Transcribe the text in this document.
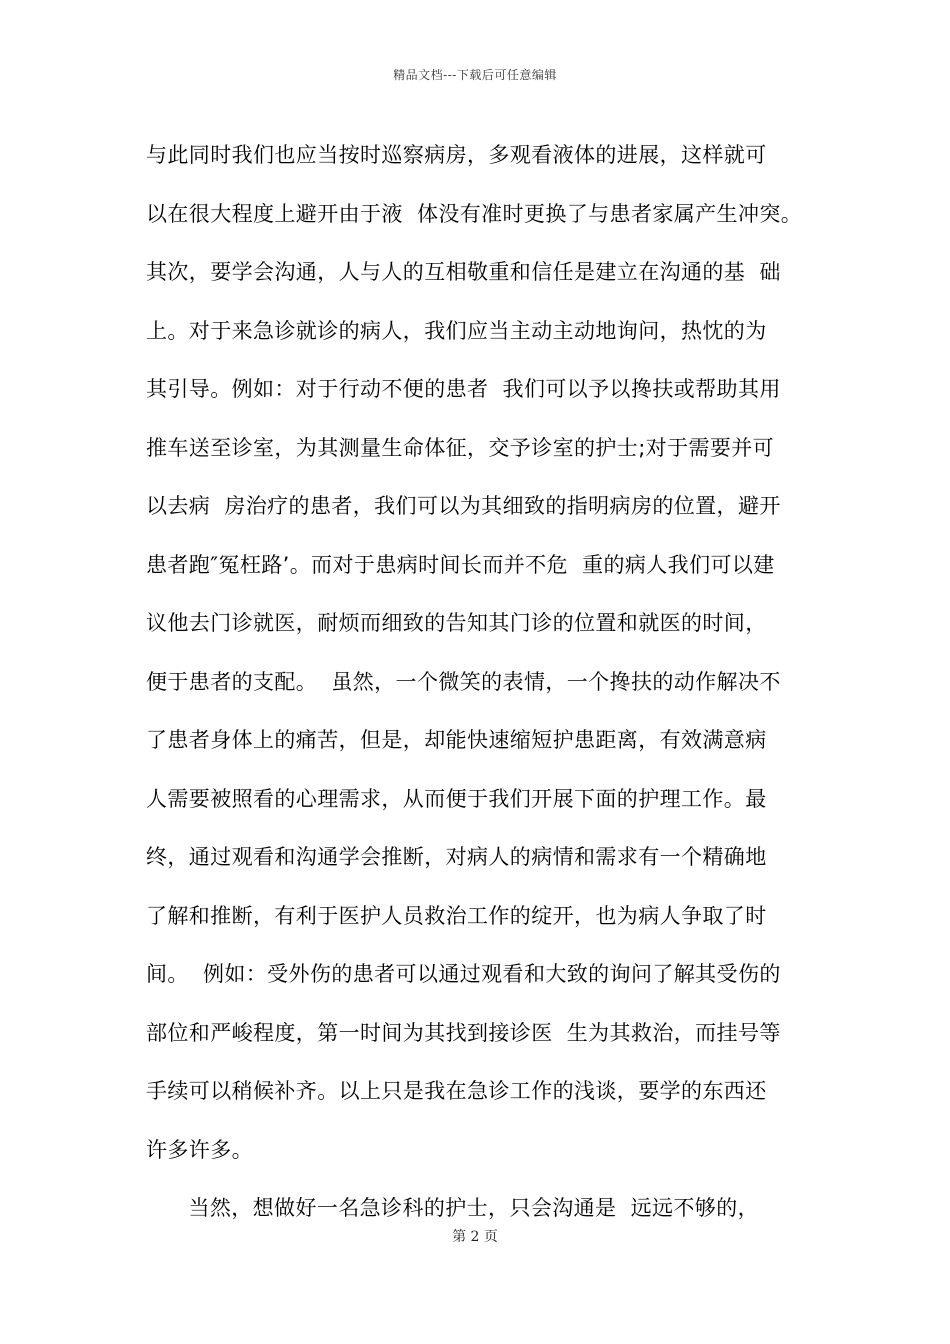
精品文档---下载后可任意编辑
与此同时我们也应当按时巡察病房，多观看液体的进展，这样就可
以在很大程度上避开由于液  体没有准时更换了与患者家属产生冲突。
其次，要学会沟通，人与人的互相敬重和信任是建立在沟通的基  础
上。对于来急诊就诊的病人，我们应当主动主动地询问，热忱的为
其引导。例如：对于行动不便的患者  我们可以予以搀扶或帮助其用
推车送至诊室，为其测量生命体征，交予诊室的护士;对于需要并可
以去病  房治疗的患者，我们可以为其细致的指明病房的位置，避开
患者跑″冤枉路’。而对于患病时间长而并不危  重的病人我们可以建
议他去门诊就医，耐烦而细致的告知其门诊的位置和就医的时间，
便于患者的支配。  虽然，一个微笑的表情，一个搀扶的动作解决不
了患者身体上的痛苦，但是，却能快速缩短护患距离，有效满意病
人需要被照看的心理需求，从而便于我们开展下面的护理工作。最
终，通过观看和沟通学会推断，对病人的病情和需求有一个精确地
了解和推断，有利于医护人员救治工作的绽开，也为病人争取了时
间。  例如：受外伤的患者可以通过观看和大致的询问了解其受伤的
部位和严峻程度，第一时间为其找到接诊医  生为其救治，而挂号等
手续可以稍候补齐。以上只是我在急诊工作的浅谈，要学的东西还
许多许多。
当然，想做好一名急诊科的护士，只会沟通是  远远不够的，
第 2 页
